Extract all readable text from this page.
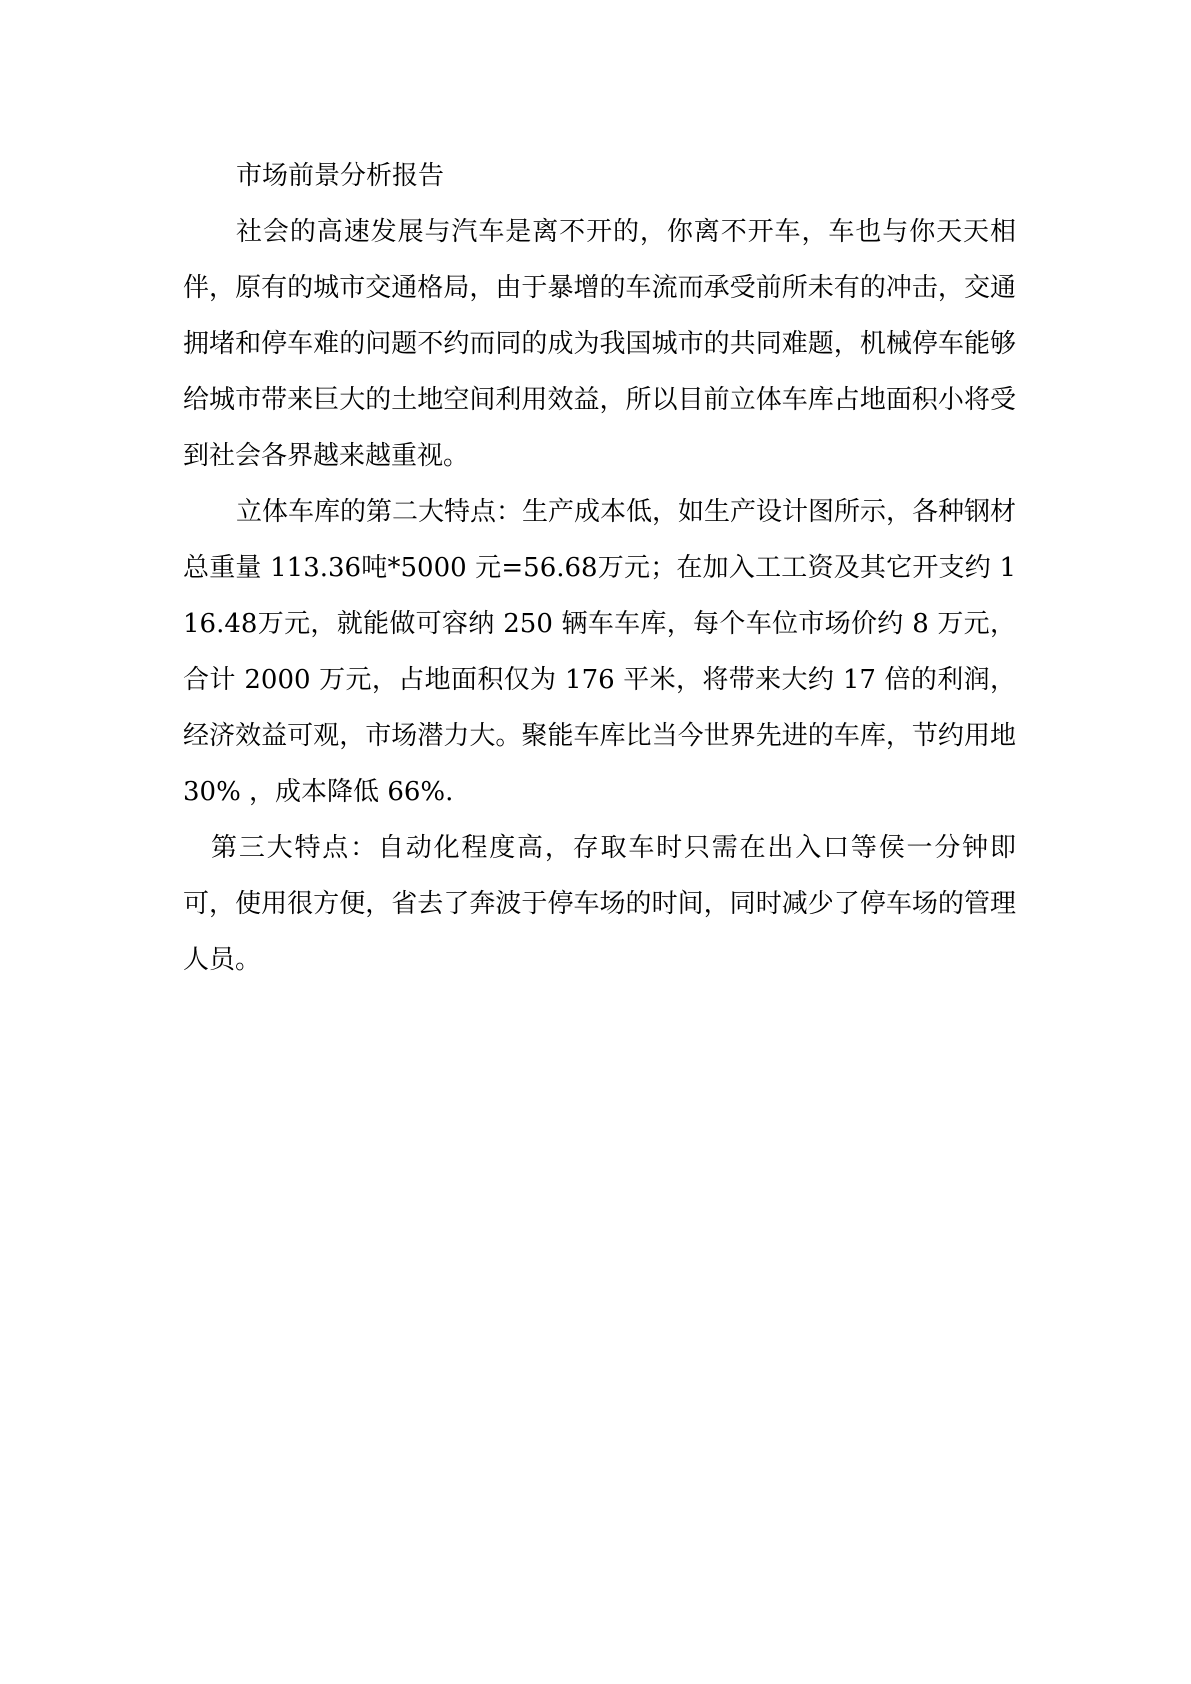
市场前景分析报告

社会的高速发展与汽车是离不开的，你离不开车，车也与你天天相伴，原有的城市交通格局，由于暴增的车流而承受前所未有的冲击，交通拥堵和停车难的问题不约而同的成为我国城市的共同难题，机械停车能够给城市带来巨大的土地空间利用效益，所以目前立体车库占地面积小将受到社会各界越来越重视。

立体车库的第二大特点：生产成本低，如生产设计图所示，各种钢材总重量 113.36吨*5000 元=56.68万元；在加入工工资及其它开支约 116.48万元，就能做可容纳 250 辆车车库，每个车位市场价约 8 万元，合计 2000 万元，占地面积仅为 176 平米，将带来大约 17 倍的利润，经济效益可观，市场潜力大。聚能车库比当今世界先进的车库，节约用地 30% ，成本降低 66%.

第三大特点：自动化程度高，存取车时只需在出入口等侯一分钟即可，使用很方便，省去了奔波于停车场的时间，同时减少了停车场的管理人员。
